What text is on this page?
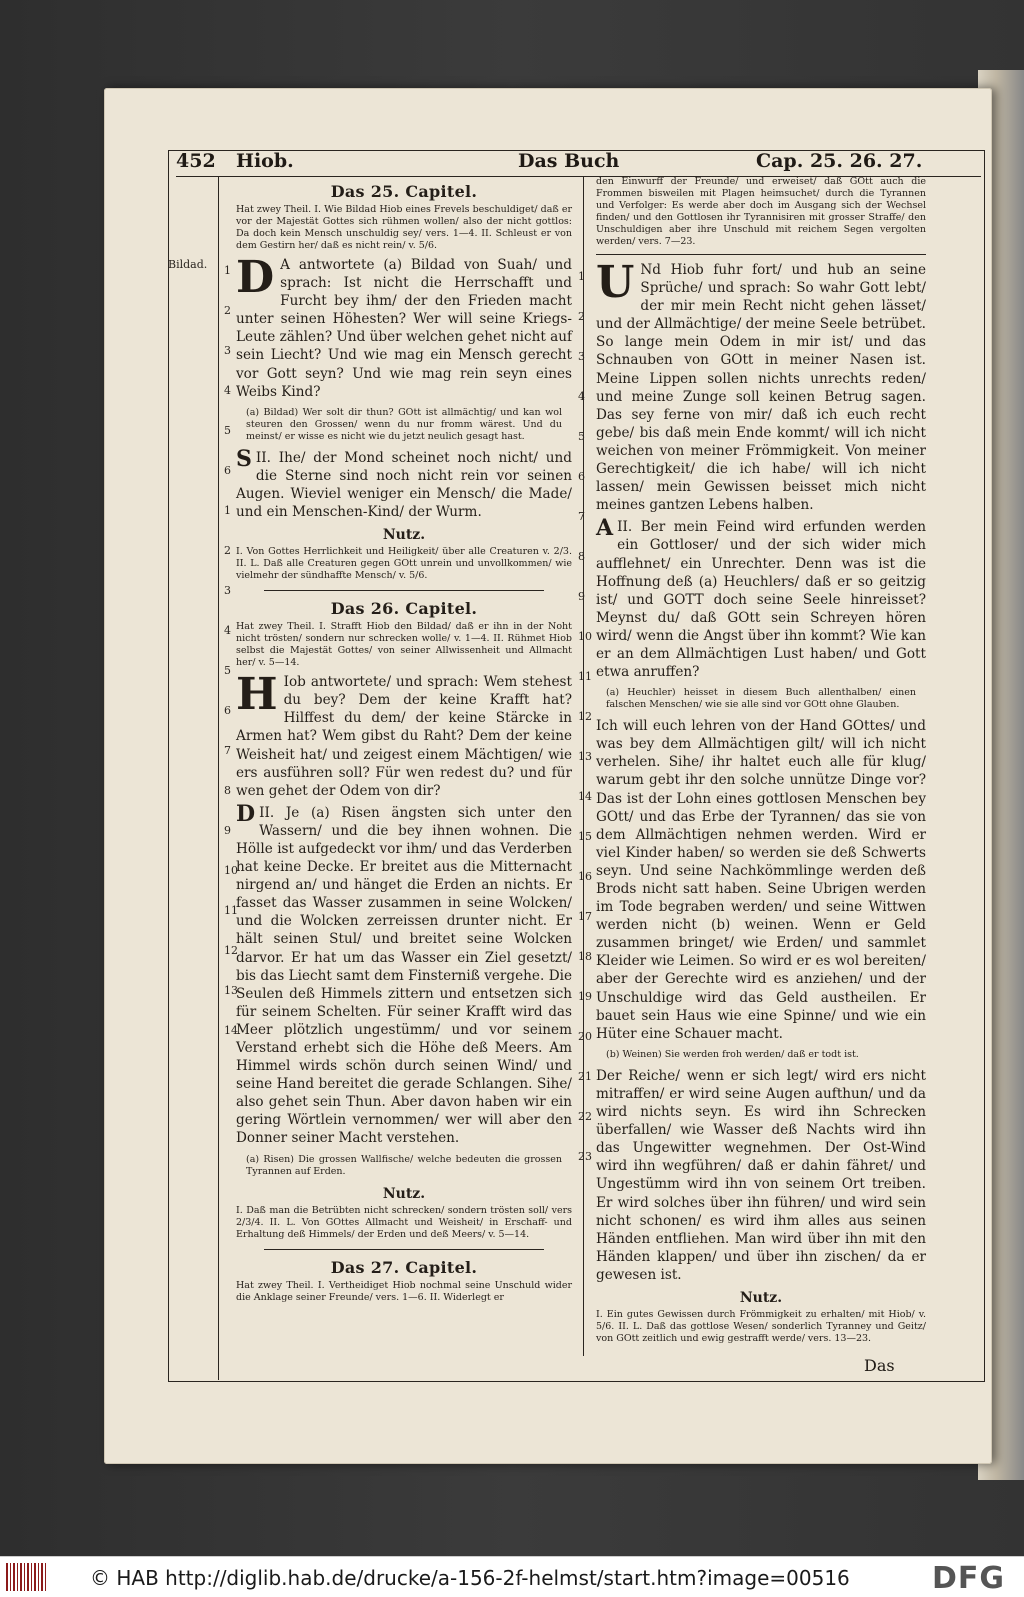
452 Hiob.	Das Buch	Cap. 25. 26. 27.
Bildad. 1
2
3
4
5
6
1
2
3
4
5
6
7
8
9
10
11
12
13
14
1
2
3
4
5
6
7
8
9
10
11
12
13
14
15
16
17
18
19
20
21
22
23
Das 25. Capitel.

Hat zwey Theil. I. Wie Bildad Hiob eines Frevels beschuldiget/ daß er vor der Majestät Gottes sich rühmen wollen/ also der nicht gottlos: Da doch kein Mensch unschuldig sey/ vers. 1—4. II. Schleust er von dem Gestirn her/ daß es nicht rein/ v. 5/6.

D A antwortete (a) Bildad von Suah/ und sprach: Ist nicht die Herrschafft und Furcht bey ihm/ der den Frieden macht unter seinen Höhesten? Wer will seine Kriegs-Leute zählen? Und über welchen gehet nicht auf sein Liecht? Und wie mag ein Mensch gerecht vor Gott seyn? Und wie mag rein seyn eines Weibs Kind?

(a) Bildad) Wer solt dir thun? GOtt ist allmächtig/ und kan wol steuren den Grossen/ wenn du nur fromm wärest. Und du meinst/ er wisse es nicht wie du jetzt neulich gesagt hast.

SII. Ihe/ der Mond scheinet noch nicht/ und die Sterne sind noch nicht rein vor seinen Augen. Wieviel weniger ein Mensch/ die Made/ und ein Menschen-Kind/ der Wurm.

Nutz.

I. Von Gottes Herrlichkeit und Heiligkeit/ über alle Creaturen v. 2/3. II. L. Daß alle Creaturen gegen GOtt unrein und unvollkommen/ wie vielmehr der sündhaffte Mensch/ v. 5/6.

Das 26. Capitel.

Hat zwey Theil. I. Strafft Hiob den Bildad/ daß er ihn in der Noht nicht trösten/ sondern nur schrecken wolle/ v. 1—4. II. Rühmet Hiob selbst die Majestät Gottes/ von seiner Allwissenheit und Allmacht her/ v. 5—14.

H Iob antwortete/ und sprach: Wem stehest du bey? Dem der keine Krafft hat? Hilffest du dem/ der keine Stärcke in Armen hat? Wem gibst du Raht? Dem der keine Weisheit hat/ und zeigest einem Mächtigen/ wie ers ausführen soll? Für wen redest du? und für wen gehet der Odem von dir?

DII. Je (a) Risen ängsten sich unter den Wassern/ und die bey ihnen wohnen. Die Hölle ist aufgedeckt vor ihm/ und das Verderben hat keine Decke. Er breitet aus die Mitternacht nirgend an/ und hänget die Erden an nichts. Er fasset das Wasser zusammen in seine Wolcken/ und die Wolcken zerreissen drunter nicht. Er hält seinen Stul/ und breitet seine Wolcken darvor. Er hat um das Wasser ein Ziel gesetzt/ bis das Liecht samt dem Finsterniß vergehe. Die Seulen deß Himmels zittern und entsetzen sich für seinem Schelten. Für seiner Krafft wird das Meer plötzlich ungestümm/ und vor seinem Verstand erhebt sich die Höhe deß Meers. Am Himmel wirds schön durch seinen Wind/ und seine Hand bereitet die gerade Schlangen. Sihe/ also gehet sein Thun. Aber davon haben wir ein gering Wörtlein vernommen/ wer will aber den Donner seiner Macht verstehen.

(a) Risen) Die grossen Wallfische/ welche bedeuten die grossen Tyrannen auf Erden.

Nutz.

I. Daß man die Betrübten nicht schrecken/ sondern trösten soll/ vers 2/3/4. II. L. Von GOttes Allmacht und Weisheit/ in Erschaff- und Erhaltung deß Himmels/ der Erden und deß Meers/ v. 5—14.

Das 27. Capitel.

Hat zwey Theil. I. Vertheidiget Hiob nochmal seine Unschuld wider die Anklage seiner Freunde/ vers. 1—6. II. Widerlegt er

den Einwurff der Freunde/ und erweiset/ daß GOtt auch die Frommen bisweilen mit Plagen heimsuchet/ durch die Tyrannen und Verfolger: Es werde aber doch im Ausgang sich der Wechsel finden/ und den Gottlosen ihr Tyrannisiren mit grosser Straffe/ den Unschuldigen aber ihre Unschuld mit reichem Segen vergolten werden/ vers. 7—23.

U Nd Hiob fuhr fort/ und hub an seine Sprüche/ und sprach: So wahr Gott lebt/ der mir mein Recht nicht gehen lässet/ und der Allmächtige/ der meine Seele betrübet. So lange mein Odem in mir ist/ und das Schnauben von GOtt in meiner Nasen ist. Meine Lippen sollen nichts unrechts reden/ und meine Zunge soll keinen Betrug sagen. Das sey ferne von mir/ daß ich euch recht gebe/ bis daß mein Ende kommt/ will ich nicht weichen von meiner Frömmigkeit. Von meiner Gerechtigkeit/ die ich habe/ will ich nicht lassen/ mein Gewissen beisset mich nicht meines gantzen Lebens halben.

AII. Ber mein Feind wird erfunden werden ein Gottloser/ und der sich wider mich aufflehnet/ ein Unrechter. Denn was ist die Hoffnung deß (a) Heuchlers/ daß er so geitzig ist/ und GOTT doch seine Seele hinreisset? Meynst du/ daß GOtt sein Schreyen hören wird/ wenn die Angst über ihn kommt? Wie kan er an dem Allmächtigen Lust haben/ und Gott etwa anruffen?

(a) Heuchler) heisset in diesem Buch allenthalben/ einen falschen Menschen/ wie sie alle sind vor GOtt ohne Glauben.

Ich will euch lehren von der Hand GOttes/ und was bey dem Allmächtigen gilt/ will ich nicht verhelen. Sihe/ ihr haltet euch alle für klug/ warum gebt ihr den solche unnütze Dinge vor? Das ist der Lohn eines gottlosen Menschen bey GOtt/ und das Erbe der Tyrannen/ das sie von dem Allmächtigen nehmen werden. Wird er viel Kinder haben/ so werden sie deß Schwerts seyn. Und seine Nachkömmlinge werden deß Brods nicht satt haben. Seine Ubrigen werden im Tode begraben werden/ und seine Wittwen werden nicht (b) weinen. Wenn er Geld zusammen bringet/ wie Erden/ und sammlet Kleider wie Leimen. So wird er es wol bereiten/ aber der Gerechte wird es anziehen/ und der Unschuldige wird das Geld austheilen. Er bauet sein Haus wie eine Spinne/ und wie ein Hüter eine Schauer macht.

(b) Weinen) Sie werden froh werden/ daß er todt ist.

Der Reiche/ wenn er sich legt/ wird ers nicht mitraffen/ er wird seine Augen aufthun/ und da wird nichts seyn. Es wird ihn Schrecken überfallen/ wie Wasser deß Nachts wird ihn das Ungewitter wegnehmen. Der Ost-Wind wird ihn wegführen/ daß er dahin fähret/ und Ungestümm wird ihn von seinem Ort treiben. Er wird solches über ihn führen/ und wird sein nicht schonen/ es wird ihm alles aus seinen Händen entfliehen. Man wird über ihn mit den Händen klappen/ und über ihn zischen/ da er gewesen ist.

Nutz.

I. Ein gutes Gewissen durch Frömmigkeit zu erhalten/ mit Hiob/ v. 5/6. II. L. Daß das gottlose Wesen/ sonderlich Tyranney und Geitz/ von GOtt zeitlich und ewig gestrafft werde/ vers. 13—23.

Das
© HAB http://diglib.hab.de/drucke/a-156-2f-helmst/start.htm?image=00516	DFG
